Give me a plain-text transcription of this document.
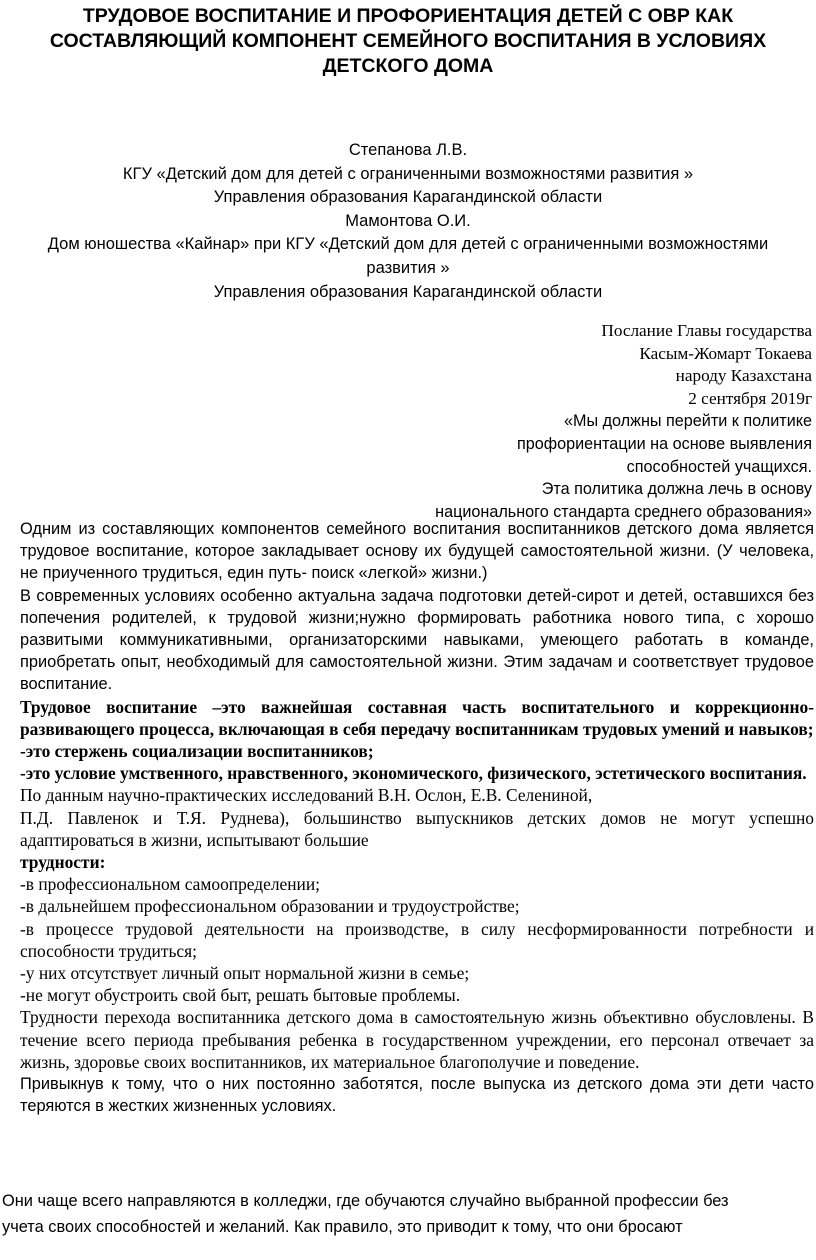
ТРУДОВОЕ ВОСПИТАНИЕ И ПРОФОРИЕНТАЦИЯ ДЕТЕЙ С ОВР КАК СОСТАВЛЯЮЩИЙ КОМПОНЕНТ СЕМЕЙНОГО ВОСПИТАНИЯ В УСЛОВИЯХ ДЕТСКОГО ДОМА
Степанова Л.В.
КГУ «Детский дом для детей с ограниченными возможностями развития »
Управления образования Карагандинской области
Мамонтова О.И.
Дом юношества «Кайнар» при КГУ «Детский дом для детей с ограниченными возможностями
развития »
Управления образования Карагандинской области
Послание Главы государства
Касым-Жомарт Токаева
народу Казахстана
2 сентября 2019г
«Мы должны перейти к политике
профориентации на основе выявления
способностей учащихся.
Эта политика должна лечь в основу
национального стандарта среднего образования»

Одним из составляющих компонентов семейного воспитания воспитанников детского дома является трудовое воспитание, которое закладывает основу их будущей самостоятельной жизни. (У человека, не приученного трудиться, един путь- поиск «легкой» жизни.)

В современных условиях особенно актуальна задача подготовки детей-сирот и детей, оставшихся без попечения родителей, к трудовой жизни;нужно формировать работника нового типа, с хорошо развитыми коммуникативными, организаторскими навыками, умеющего работать в команде, приобретать опыт, необходимый для самостоятельной жизни. Этим задачам и соответствует трудовое воспитание.

Трудовое воспитание –это важнейшая составная часть воспитательного и коррекционно-развивающего процесса, включающая в себя передачу воспитанникам трудовых умений и навыков;

-это стержень социализации воспитанников;

-это условие умственного, нравственного, экономического, физического, эстетического воспитания.

По данным научно-практических исследований В.Н. Ослон, Е.В. Селениной,

П.Д. Павленок и Т.Я. Руднева), большинство выпускников детских домов не могут успешно адаптироваться в жизни, испытывают большие

трудности:

-в профессиональном самоопределении;

-в дальнейшем профессиональном образовании и трудоустройстве;

-в процессе трудовой деятельности на производстве, в силу несформированности потребности и способности трудиться;

-у них отсутствует личный опыт нормальной жизни в семье;

-не могут обустроить свой быт, решать бытовые проблемы.

Трудности перехода воспитанника детского дома в самостоятельную жизнь объективно обусловлены. В течение всего периода пребывания ребенка в государственном учреждении, его персонал отвечает за жизнь, здоровье своих воспитанников, их материальное благополучие и поведение.

Привыкнув к тому, что о них постоянно заботятся, после выпуска из детского дома эти дети часто теряются в жестких жизненных условиях.

Они чаще всего направляются в колледжи, где обучаются случайно выбранной профессии без
учета своих способностей и желаний. Как правило, это приводит к тому, что они бросают
